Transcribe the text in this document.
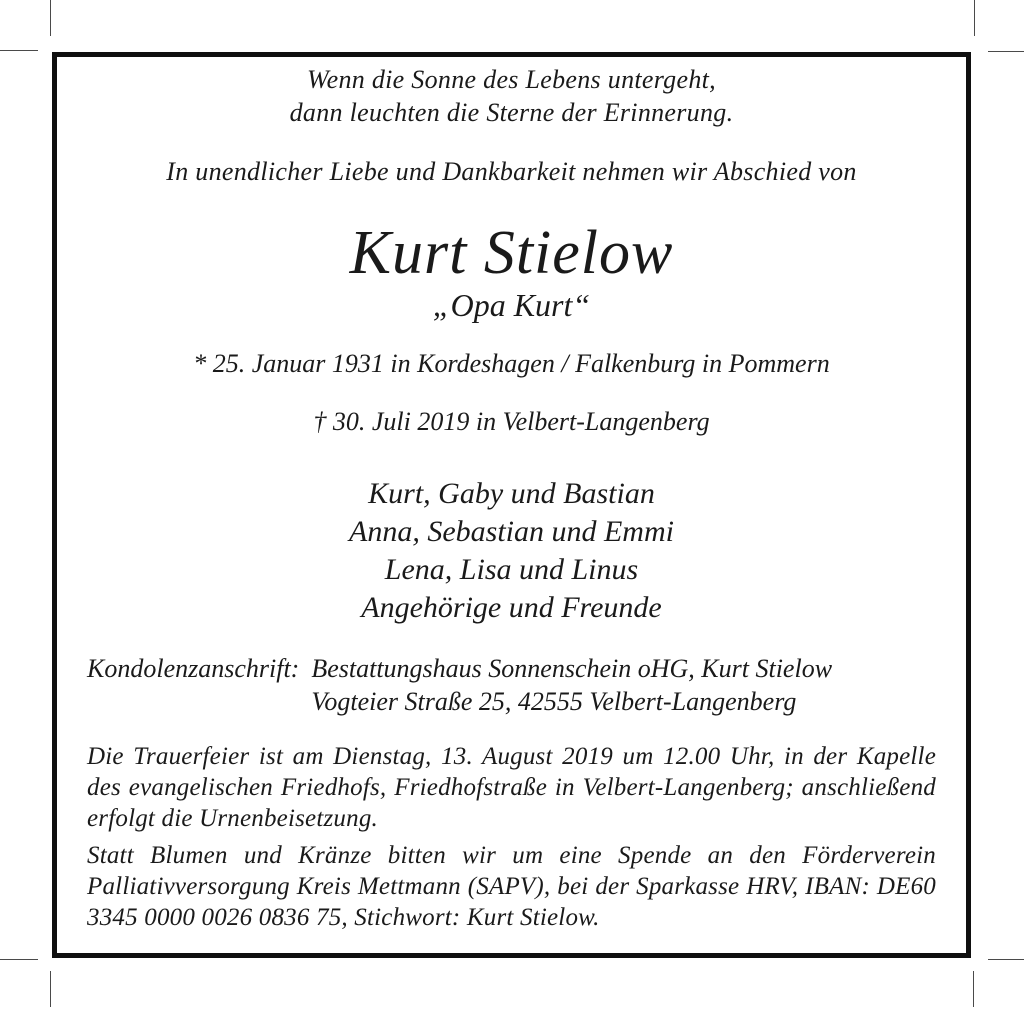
Wenn die Sonne des Lebens untergeht,
dann leuchten die Sterne der Erinnerung.
In unendlicher Liebe und Dankbarkeit nehmen wir Abschied von
Kurt Stielow
„Opa Kurt“
* 25. Januar 1931 in Kordeshagen / Falkenburg in Pommern
† 30. Juli 2019 in Velbert-Langenberg
Kurt, Gaby und Bastian
Anna, Sebastian und Emmi
Lena, Lisa und Linus
Angehörige und Freunde
Kondolenzanschrift: Bestattungshaus Sonnenschein oHG, Kurt Stielow
Vogteier Straße 25, 42555 Velbert-Langenberg

Die Trauerfeier ist am Dienstag, 13. August 2019 um 12.00 Uhr, in der Kapelle des evangelischen Friedhofs, Friedhofstraße in Velbert-Langenberg; anschließend erfolgt die Urnenbeisetzung.

Statt Blumen und Kränze bitten wir um eine Spende an den Förderverein Palliativversorgung Kreis Mettmann (SAPV), bei der Sparkasse HRV, IBAN: DE60 3345 0000 0026 0836 75, Stichwort: Kurt Stielow.
